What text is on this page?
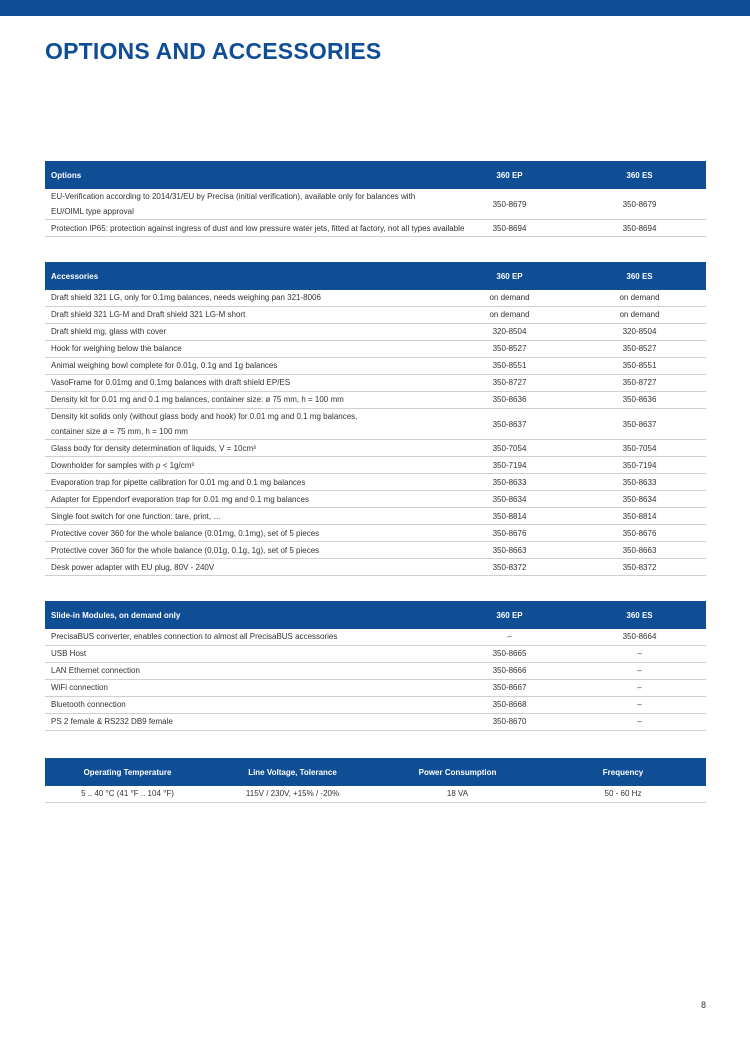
OPTIONS AND ACCESSORIES
Options	360 EP	360 ES
EU-Verification according to 2014/31/EU by Precisa (initial verification), available only for balances with EU/OIML type approval	350-8679	350-8679
Protection IP65: protection against ingress of dust and low pressure water jets, fitted at factory, not all types available	350-8694	350-8694
Accessories	360 EP	360 ES
Draft shield 321 LG, only for 0.1mg balances, needs weighing pan 321-8006	on demand	on demand
Draft shield 321 LG-M and Draft shield 321 LG-M short	on demand	on demand
Draft shield mg, glass with cover	320-8504	320-8504
Hook for weighing below the balance	350-8527	350-8527
Animal weighing bowl complete for 0.01g, 0.1g and 1g balances	350-8551	350-8551
VasoFrame for 0.01mg and 0.1mg balances with draft shield EP/ES	350-8727	350-8727
Density kit for 0.01 mg and 0.1 mg balances, container size: ø 75 mm, h = 100 mm	350-8636	350-8636
Density kit solids only (without glass body and hook) for 0.01 mg and 0.1 mg balances, container size ø = 75 mm, h = 100 mm	350-8637	350-8637
Glass body for density determination of liquids, V = 10cm³	350-7054	350-7054
Downholder for samples with ρ < 1g/cm³	350-7194	350-7194
Evaporation trap for pipette calibration for 0.01 mg and 0.1 mg balances	350-8633	350-8633
Adapter for Eppendorf evaporation trap for 0.01 mg and 0.1 mg balances	350-8634	350-8634
Single foot switch for one function: tare, print, …	350-8814	350-8814
Protective cover 360 for the whole balance (0.01mg, 0.1mg), set of 5 pieces	350-8676	350-8676
Protective cover 360 for the whole balance (0.01g, 0.1g, 1g), set of 5 pieces	350-8663	350-8663
Desk power adapter with EU plug, 80V - 240V	350-8372	350-8372
Slide-in Modules, on demand only	360 EP	360 ES
PrecisaBUS converter, enables connection to almost all PrecisaBUS accessories	–	350-8664
USB Host	350-8665	–
LAN Ethernet connection	350-8666	–
WiFi connection	350-8667	–
Bluetooth connection	350-8668	–
PS 2 female & RS232 DB9 female	350-8670	–
Operating Temperature	Line Voltage, Tolerance	Power Consumption	Frequency
5 .. 40 °C (41 °F .. 104 °F)	115V / 230V, +15% / -20%	18 VA	50 - 60 Hz
8
